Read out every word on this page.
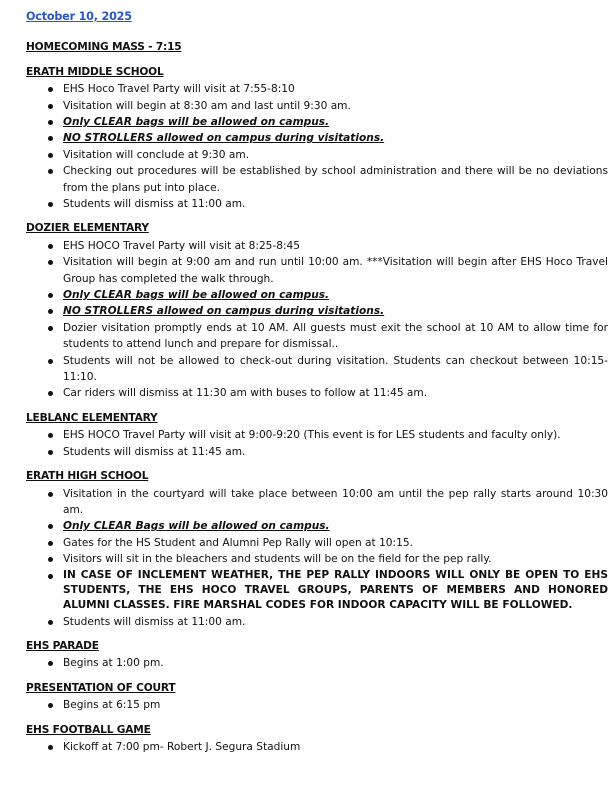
October 10, 2025
HOMECOMING MASS - 7:15
ERATH MIDDLE SCHOOL
EHS Hoco Travel Party will visit at 7:55-8:10
Visitation will begin at 8:30 am and last until 9:30 am.
Only CLEAR bags will be allowed on campus.
NO STROLLERS allowed on campus during visitations.
Visitation will conclude at 9:30 am.
Checking out procedures will be established by school administration and there will be no deviations from the plans put into place.
Students will dismiss at 11:00 am.
DOZIER ELEMENTARY
EHS HOCO Travel Party will visit at 8:25-8:45
Visitation will begin at 9:00 am and run until 10:00 am. ***Visitation will begin after EHS Hoco Travel Group has completed the walk through.
Only CLEAR bags will be allowed on campus.
NO STROLLERS allowed on campus during visitations.
Dozier visitation promptly ends at 10 AM. All guests must exit the school at 10 AM to allow time for students to attend lunch and prepare for dismissal..
Students will not be allowed to check-out during visitation. Students can checkout between 10:15-11:10.
Car riders will dismiss at 11:30 am with buses to follow at 11:45 am.
LEBLANC ELEMENTARY
EHS HOCO Travel Party will visit at 9:00-9:20 (This event is for LES students and faculty only).
Students will dismiss at 11:45 am.
ERATH HIGH SCHOOL
Visitation in the courtyard will take place between 10:00 am until the pep rally starts around 10:30 am.
Only CLEAR Bags will be allowed on campus.
Gates for the HS Student and Alumni Pep Rally will open at 10:15.
Visitors will sit in the bleachers and students will be on the field for the pep rally.
IN CASE OF INCLEMENT WEATHER, THE PEP RALLY INDOORS WILL ONLY BE OPEN TO EHS STUDENTS, THE EHS HOCO TRAVEL GROUPS, PARENTS OF MEMBERS AND HONORED ALUMNI CLASSES. FIRE MARSHAL CODES FOR INDOOR CAPACITY WILL BE FOLLOWED.
Students will dismiss at 11:00 am.
EHS PARADE
Begins at 1:00 pm.
PRESENTATION OF COURT
Begins at 6:15 pm
EHS FOOTBALL GAME
Kickoff at 7:00 pm- Robert J. Segura Stadium
